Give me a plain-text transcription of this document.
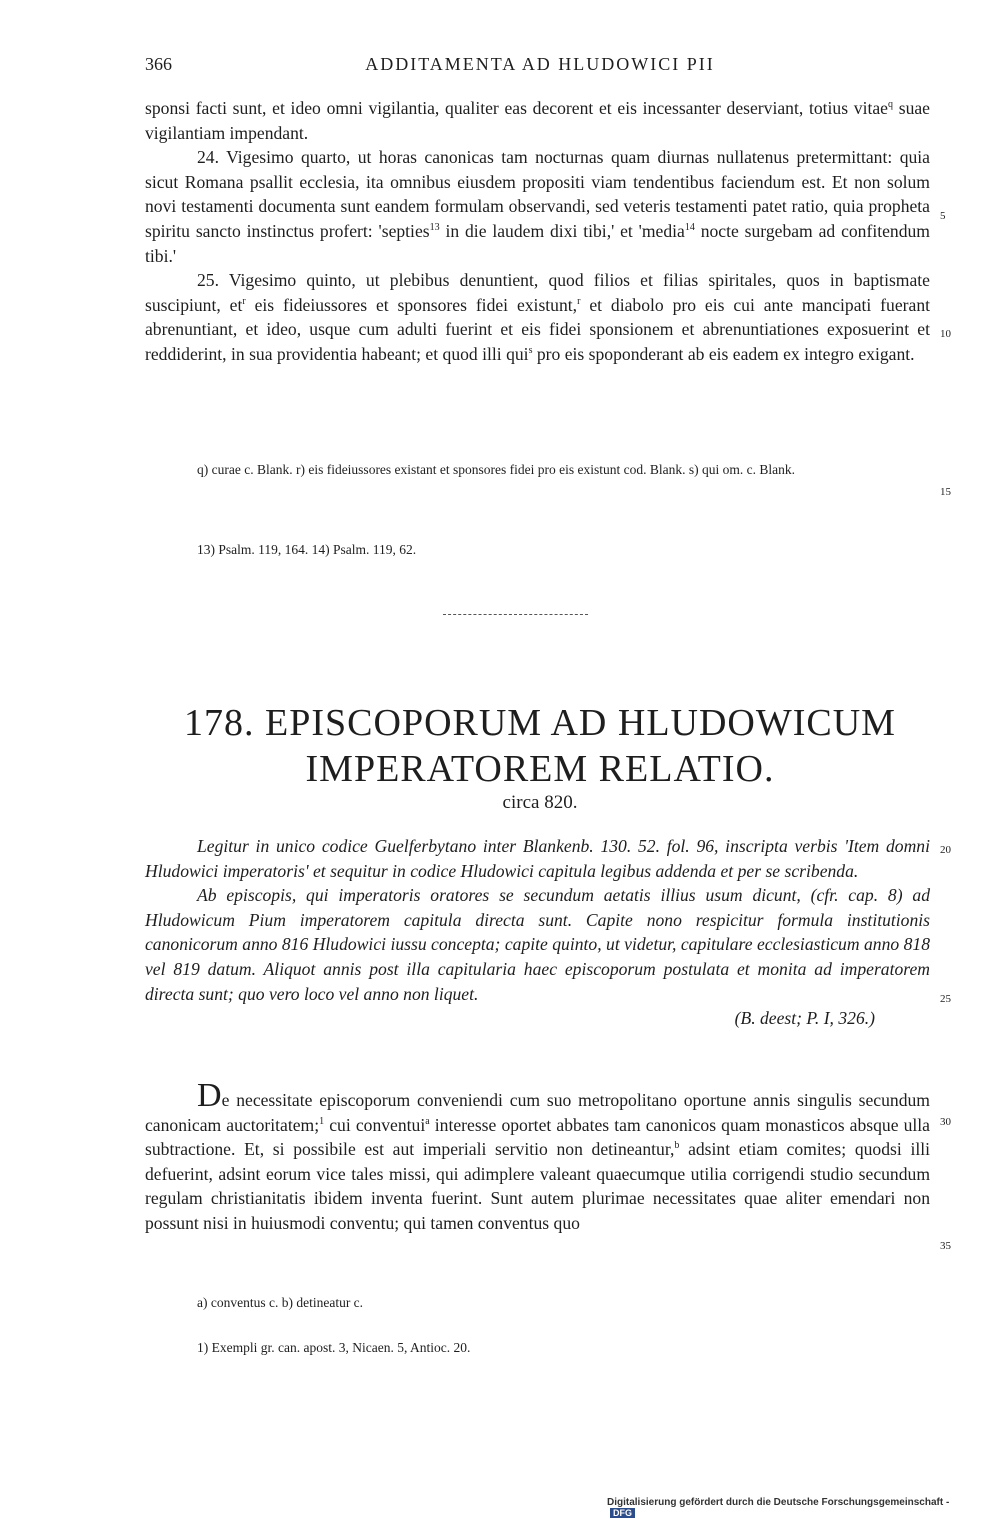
366	ADDITAMENTA AD HLUDOWICI PII
sponsi facti sunt, et ideo omni vigilantia, qualiter eas decorent et eis incessanter deserviant, totius vitae$^q$ suae vigilantiam impendant.
24. Vigesimo quarto, ut horas canonicas tam nocturnas quam diurnas nullatenus pretermittant: quia sicut Romana psallit ecclesia, ita omnibus eiusdem propositi viam tendentibus faciendum est. Et non solum novi testamenti documenta sunt eandem formulam observandi, sed veteris testamenti patet ratio, quia propheta spiritu sancto instinctus profert: 'septies$^{13}$ in die laudem dixi tibi,' et 'media$^{14}$ nocte surgebam ad confitendum tibi.'
25. Vigesimo quinto, ut plebibus denuntient, quod filios et filias spiritales, quos in baptismate suscipiunt, $et^r$ eis fideiussores et sponsores fidei existunt,$^r$ et diabolo pro eis cui ante mancipati fuerant abrenuntiant, et ideo, usque cum adulti fuerint et eis fidei sponsionem et abrenuntiationes exposuerint et reddiderint, in sua providentia habeant; et quod illi qui$^s$ pro eis spoponderant ab eis eadem ex integro exigant.
5
10
15
20
25
30
35
q) curae c. Blank. r) eis fideiussores existant et sponsores fidei pro eis existunt cod. Blank. s) qui om. c. Blank.
13) Psalm. 119, 164. 14) Psalm. 119, 62.
178. EPISCOPORUM AD HLUDOWICUM
IMPERATOREM RELATIO.
circa 820.
Legitur in unico codice Guelferbytano inter Blankenb. 130. 52. fol. 96, inscripta verbis 'Item domni Hludowici imperatoris' et sequitur in codice Hludowici capitula legibus addenda et per se scribenda.
Ab episcopis, qui imperatoris oratores se secundum aetatis illius usum dicunt, (cfr. cap. 8) ad Hludowicum Pium imperatorem capitula directa sunt. Capite nono respicitur formula institutionis canonicorum anno 816 Hludowici iussu concepta; capite quinto, ut videtur, capitulare ecclesiasticum anno 818 vel 819 datum. Aliquot annis post illa capitularia haec episcoporum postulata et monita ad imperatorem directa sunt; quo vero loco vel anno non liquet.
(B. deest; P. I, 326.)
De necessitate episcoporum conveniendi cum suo metropolitano oportune annis singulis secundum canonicam auctoritatem;$^1$ cui conventui$^a$ interesse oportet abbates tam canonicos quam monasticos absque ulla subtractione. Et, si possibile est aut imperiali servitio non detineantur,$^b$ adsint etiam comites; quodsi illi defuerint, adsint eorum vice tales missi, qui adimplere valeant quaecumque utilia corrigendi studio secundum regulam christianitatis ibidem inventa fuerint. Sunt autem plurimae necessitates quae aliter emendari non possunt nisi in huiusmodi conventu; qui tamen conventus quo
a) conventus c. b) detineatur c.
1) Exempli gr. can. apost. 3, Nicaen. 5, Antioc. 20.
Digitalisierung gefördert durch die Deutsche Forschungsgemeinschaft -DFG
